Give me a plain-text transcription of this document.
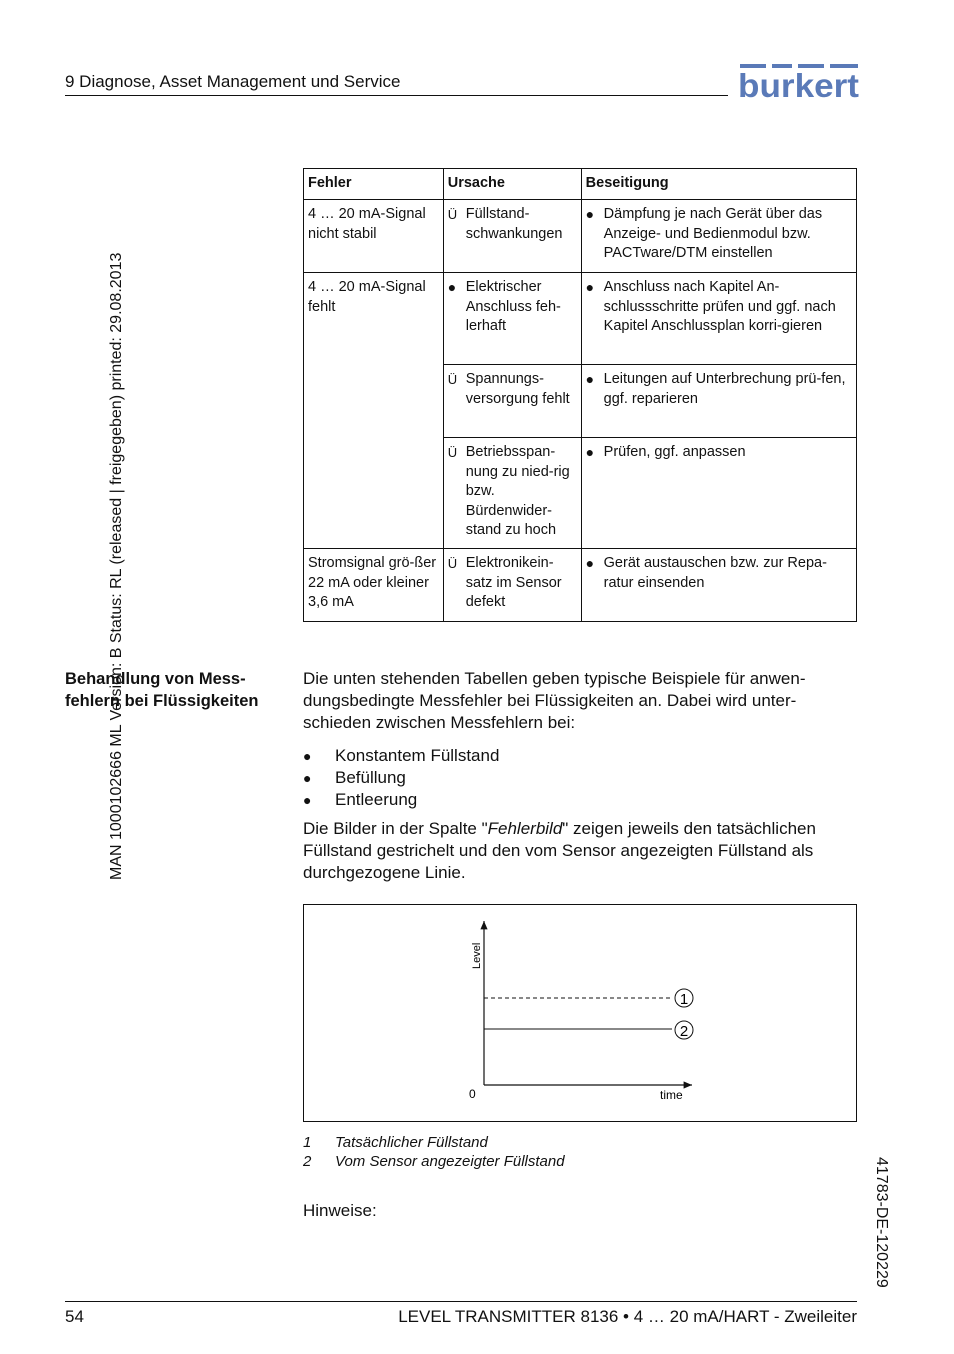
9 Diagnose, Asset Management und Service	burkert
MAN 1000102666 ML Version: B Status: RL (released | freigegeben) printed: 29.08.2013
41783-DE-120229
Fehler	Ursache	Beseitigung
4 … 20 mA-Signal nicht stabil	Ü Füllstand-schwankungen	● Dämpfung je nach Gerät über das Anzeige- und Bedienmodul bzw. PACTware/DTM einstellen

4 … 20 mA-Signal fehlt	● Elektrischer Anschluss feh-lerhaft	● Anschluss nach Kapitel An-schlussschritte prüfen und ggf. nach Kapitel Anschlussplan korri-gieren

	Ü Spannungs-versorgung fehlt	● Leitungen auf Unterbrechung prü-fen, ggf. reparieren

	Ü Betriebsspan-nung zu nied-rig bzw. Bürdenwider-stand zu hoch	● Prüfen, ggf. anpassen

Stromsignal grö-ßer 22 mA oder kleiner 3,6 mA	Ü Elektronikein-satz im Sensor defekt	● Gerät austauschen bzw. zur Repa-ratur einsenden
Behandlung von Mess-fehlern bei Flüssigkeiten
Die unten stehenden Tabellen geben typische Beispiele für anwen-dungsbedingte Messfehler bei Flüssigkeiten an. Dabei wird unter-schieden zwischen Messfehlern bei:
●	Konstantem Füllstand
●	Befüllung
●	Entleerung
Die Bilder in der Spalte "Fehlerbild" zeigen jeweils den tatsächlichen Füllstand gestrichelt und den vom Sensor angezeigten Füllstand als durchgezogene Linie.
Level
time
0
1
2
1 Tatsächlicher Füllstand
2 Vom Sensor angezeigter Füllstand
Hinweise:
54	LEVEL TRANSMITTER 8136 • 4 … 20 mA/HART - Zweileiter
